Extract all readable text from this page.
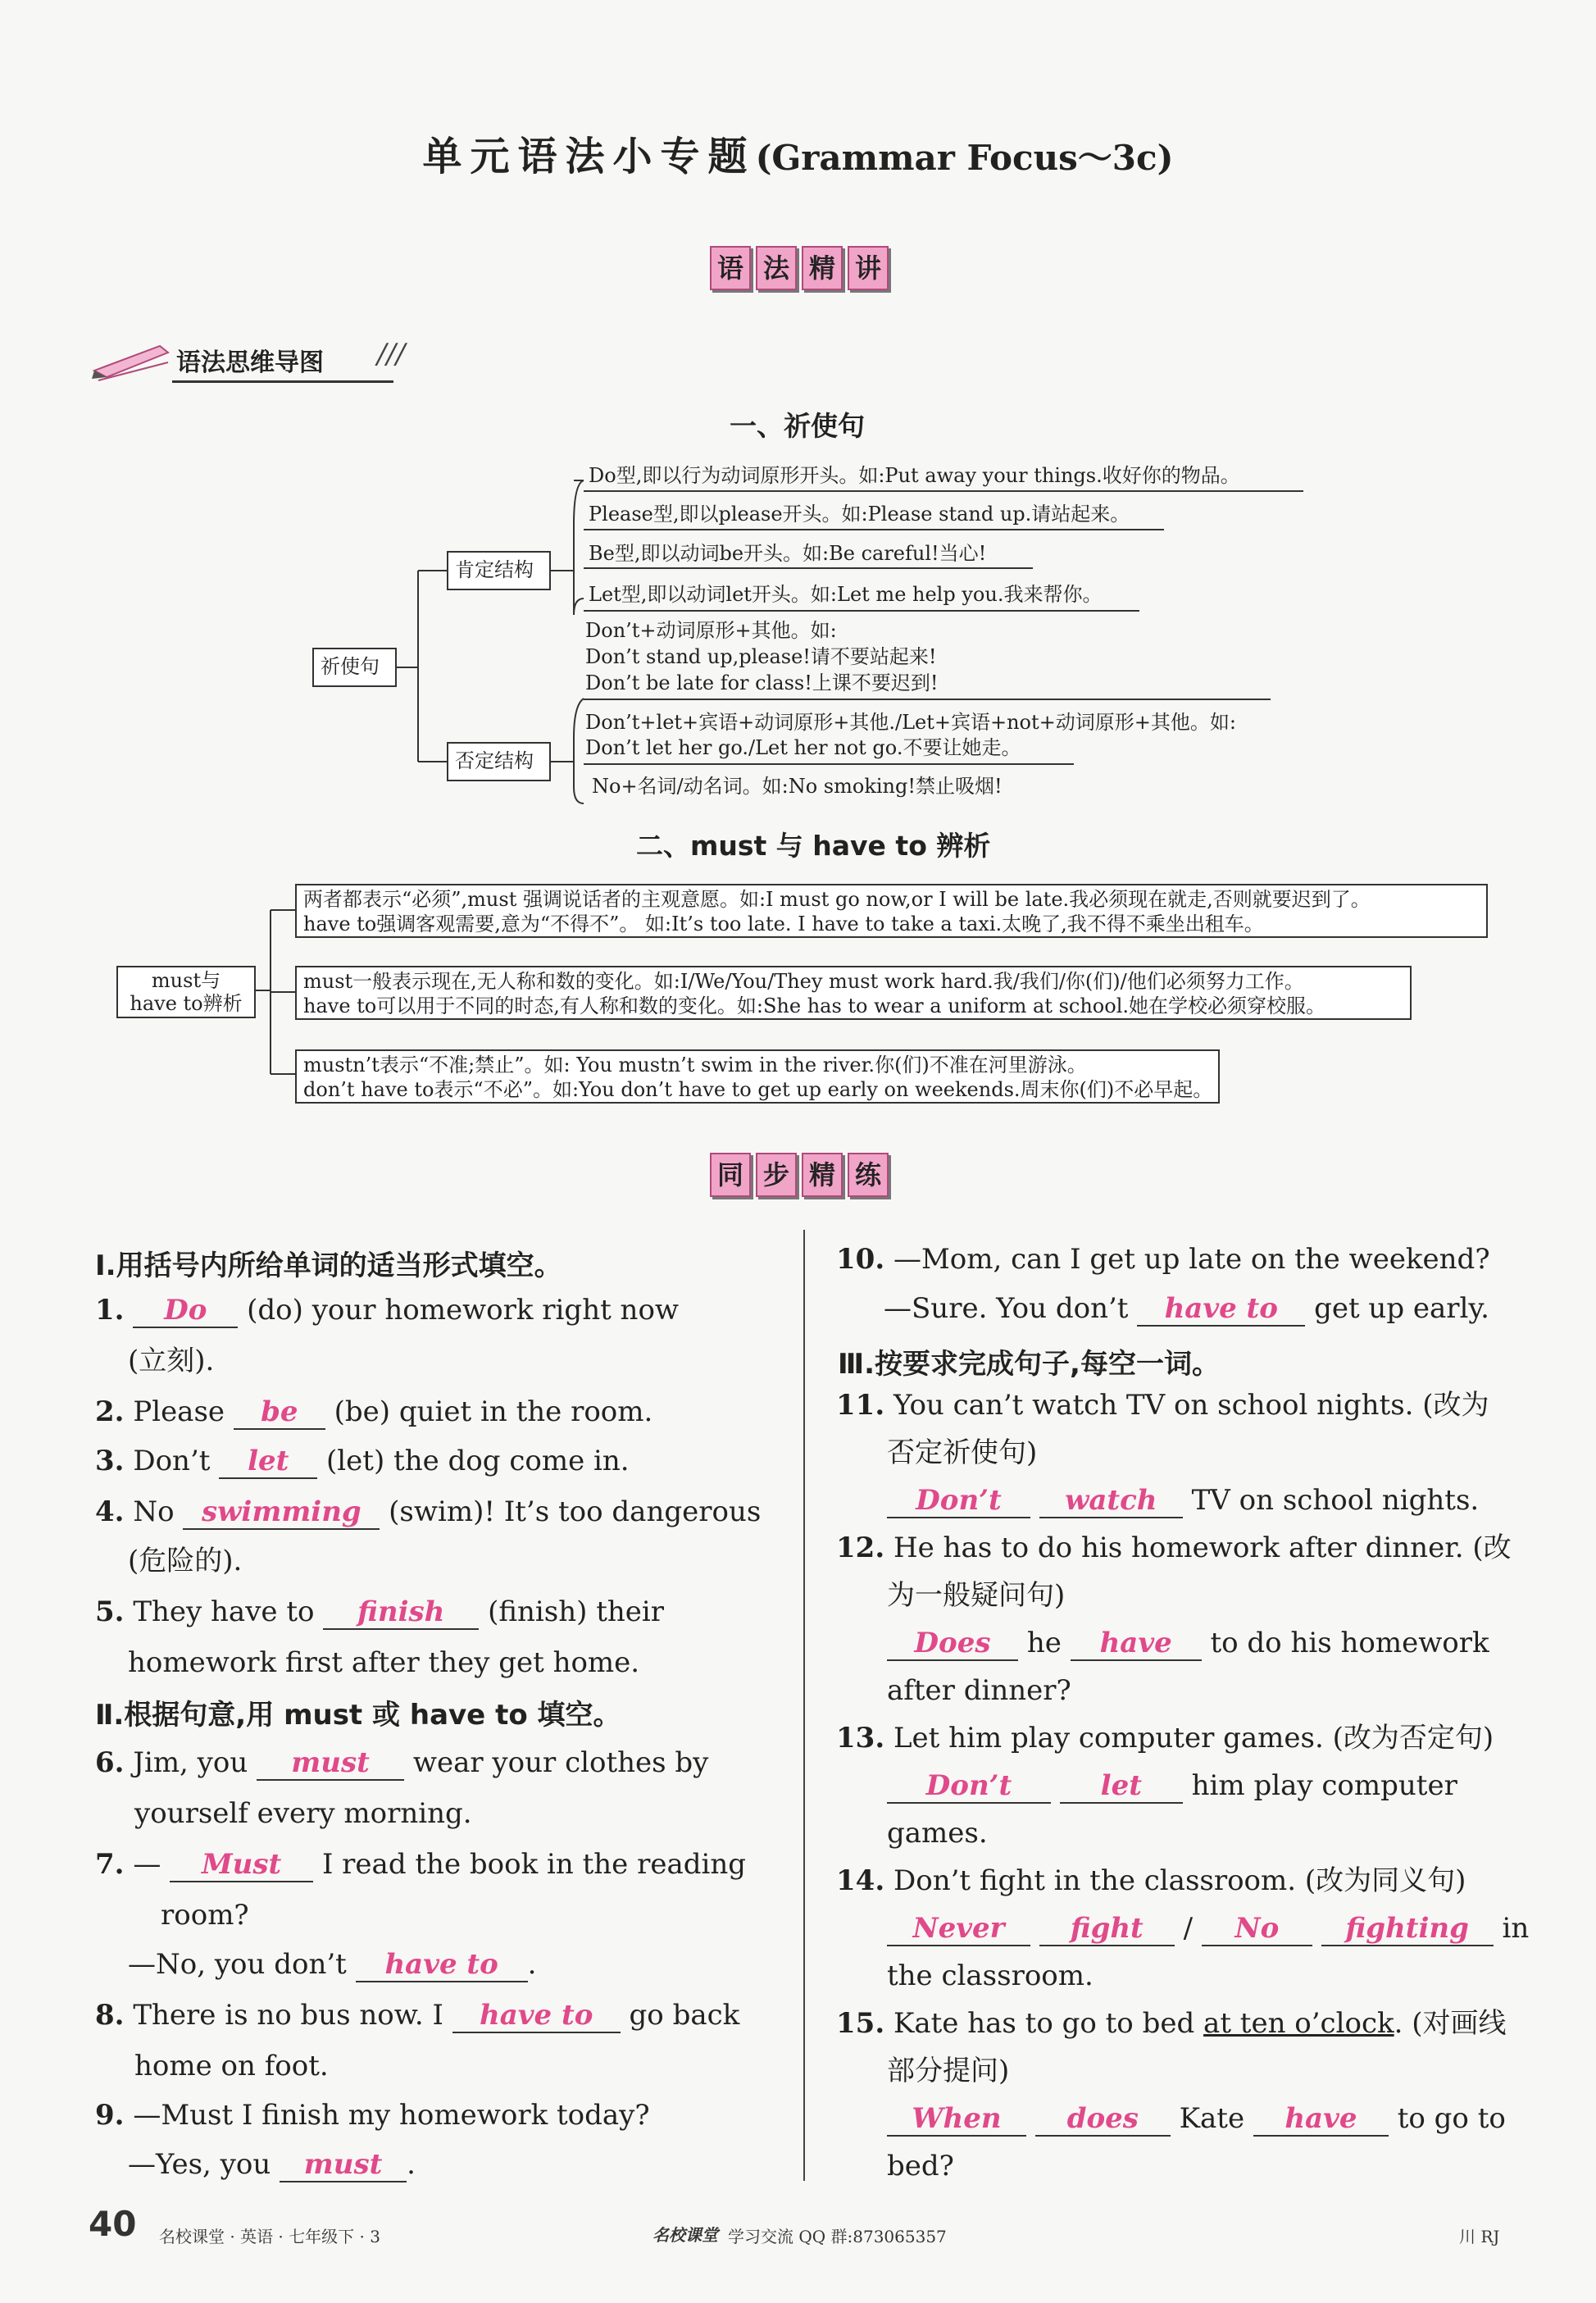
单元语法小专题(Grammar Focus～3c)
语 法 精 讲
语法思维导图 ///
一、祈使句
祈使句
肯定结构
否定结构
Do型,即以行为动词原形开头。如:Put away your things.收好你的物品。
Please型,即以please开头。如:Please stand up.请站起来。
Be型,即以动词be开头。如:Be careful!当心!
Let型,即以动词let开头。如:Let me help you.我来帮你。
Don’t+动词原形+其他。如:
Don’t stand up,please!请不要站起来!
Don’t be late for class!上课不要迟到!
Don’t+let+宾语+动词原形+其他./Let+宾语+not+动词原形+其他。如:
Don’t let her go./Let her not go.不要让她走。
No+名词/动名词。如:No smoking!禁止吸烟!
二、must 与 have to 辨析
must与
have to辨析
两者都表示“必须”,must 强调说话者的主观意愿。如:I must go now,or I will be late.我必须现在就走,否则就要迟到了。
have to强调客观需要,意为“不得不”。 如:It’s too late. I have to take a taxi.太晚了,我不得不乘坐出租车。
must一般表示现在,无人称和数的变化。如:I/We/You/They must work hard.我/我们/你(们)/他们必须努力工作。
have to可以用于不同的时态,有人称和数的变化。如:She has to wear a uniform at school.她在学校必须穿校服。
mustn’t表示“不准;禁止”。如: You mustn’t swim in the river.你(们)不准在河里游泳。
don’t have to表示“不必”。如:You don’t have to get up early on weekends.周末你(们)不必早起。
同 步 精 练
Ⅰ.用括号内所给单词的适当形式填空。
1. Do (do) your homework right now
(立刻).
2. Please be (be) quiet in the room.
3. Don’t let (let) the dog come in.
4. No swimming (swim)! It’s too dangerous
(危险的).
5. They have to finish (finish) their
homework first after they get home.
Ⅱ.根据句意,用 must 或 have to 填空。
6. Jim, you must wear your clothes by
yourself every morning.
7. — Must I read the book in the reading
room?
—No, you don’t have to .
8. There is no bus now. I have to go back
home on foot.
9. —Must I finish my homework today?
—Yes, you must .
10. —Mom, can I get up late on the weekend?
—Sure. You don’t have to get up early.
Ⅲ.按要求完成句子,每空一词。
11. You can’t watch TV on school nights. (改为
否定祈使句)
Don’t watch TV on school nights.
12. He has to do his homework after dinner. (改
为一般疑问句)
Does he have to do his homework
after dinner?
13. Let him play computer games. (改为否定句)
Don’t	let him play computer
games.
14. Don’t fight in the classroom. (改为同义句)
Never fight / No fighting in
the classroom.
15. Kate has to go to bed at ten o’clock. (对画线
部分提问)
When does Kate have to go to
bed?
40 名校课堂 · 英语 · 七年级下 · 3	名校课堂 学习交流 QQ 群:873065357	川 RJ
